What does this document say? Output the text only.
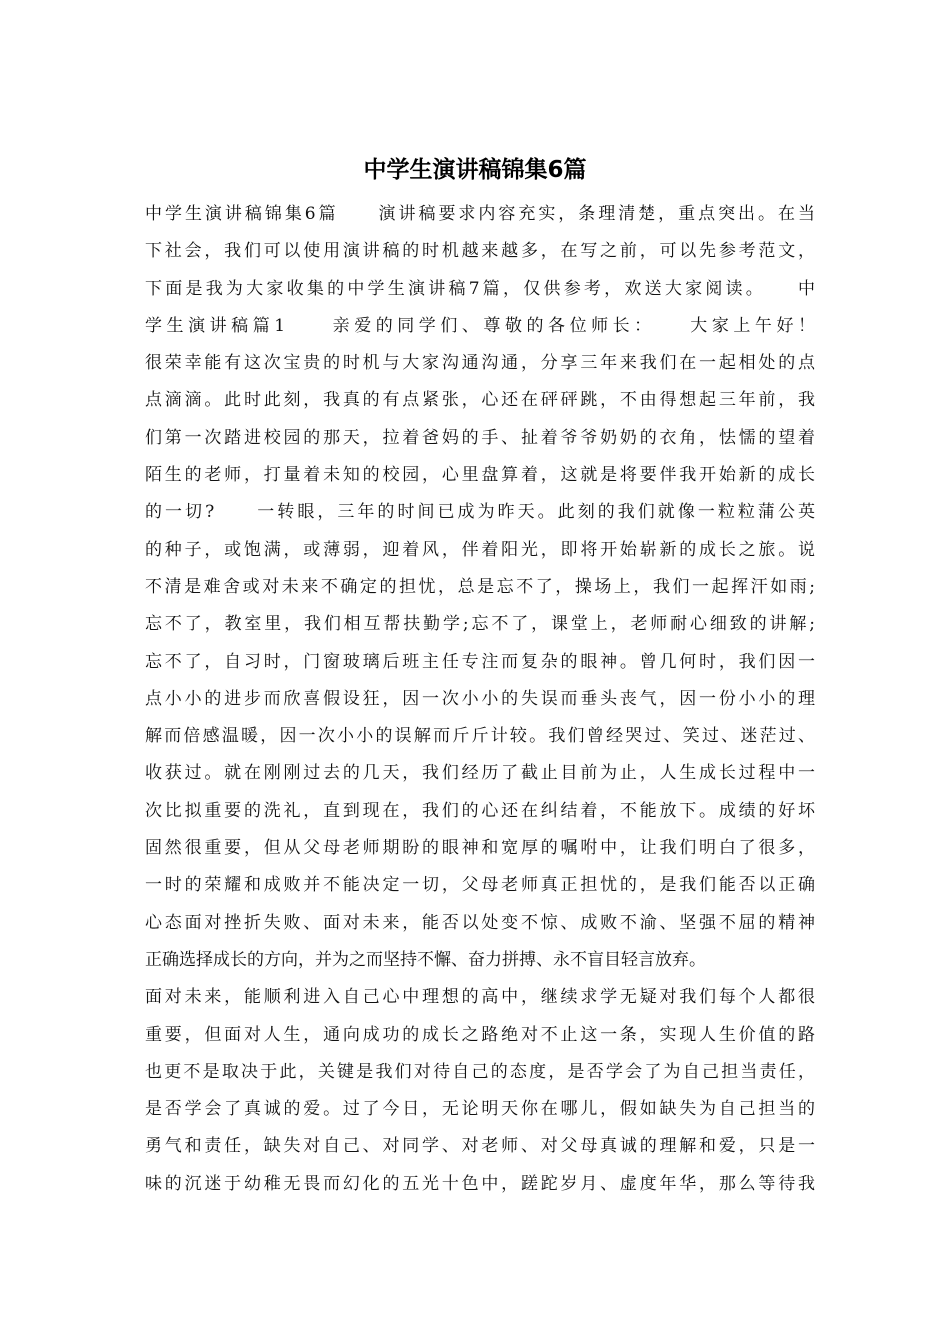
中学生演讲稿锦集6篇
中学生演讲稿锦集6篇　　演讲稿要求内容充实，条理清楚，重点突出。在当
下社会，我们可以使用演讲稿的时机越来越多，在写之前，可以先参考范文，
下面是我为大家收集的中学生演讲稿7篇，仅供参考，欢送大家阅读。　　中
学生演讲稿篇1　　亲爱的同学们、尊敬的各位师长：　　大家上午好！
很荣幸能有这次宝贵的时机与大家沟通沟通，分享三年来我们在一起相处的点
点滴滴。此时此刻，我真的有点紧张，心还在砰砰跳，不由得想起三年前，我
们第一次踏进校园的那天，拉着爸妈的手、扯着爷爷奶奶的衣角，怯懦的望着
陌生的老师，打量着未知的校园，心里盘算着，这就是将要伴我开始新的成长
的一切?　　一转眼，三年的时间已成为昨天。此刻的我们就像一粒粒蒲公英
的种子，或饱满，或薄弱，迎着风，伴着阳光，即将开始崭新的成长之旅。说
不清是难舍或对未来不确定的担忧，总是忘不了，操场上，我们一起挥汗如雨;
忘不了，教室里，我们相互帮扶勤学;忘不了，课堂上，老师耐心细致的讲解;
忘不了，自习时，门窗玻璃后班主任专注而复杂的眼神。曾几何时，我们因一
点小小的进步而欣喜假设狂，因一次小小的失误而垂头丧气，因一份小小的理
解而倍感温暖，因一次小小的误解而斤斤计较。我们曾经哭过、笑过、迷茫过、
收获过。就在刚刚过去的几天，我们经历了截止目前为止，人生成长过程中一
次比拟重要的洗礼，直到现在，我们的心还在纠结着，不能放下。成绩的好坏
固然很重要，但从父母老师期盼的眼神和宽厚的嘱咐中，让我们明白了很多，
一时的荣耀和成败并不能决定一切，父母老师真正担忧的，是我们能否以正确
心态面对挫折失败、面对未来，能否以处变不惊、成败不渝、坚强不屈的精神
正确选择成长的方向，并为之而坚持不懈、奋力拼搏、永不盲目轻言放弃。
面对未来，能顺利进入自己心中理想的高中，继续求学无疑对我们每个人都很
重要，但面对人生，通向成功的成长之路绝对不止这一条，实现人生价值的路
也更不是取决于此，关键是我们对待自己的态度，是否学会了为自己担当责任，
是否学会了真诚的爱。过了今日，无论明天你在哪儿，假如缺失为自己担当的
勇气和责任，缺失对自己、对同学、对老师、对父母真诚的理解和爱，只是一
味的沉迷于幼稚无畏而幻化的五光十色中，蹉跎岁月、虚度年华，那么等待我
